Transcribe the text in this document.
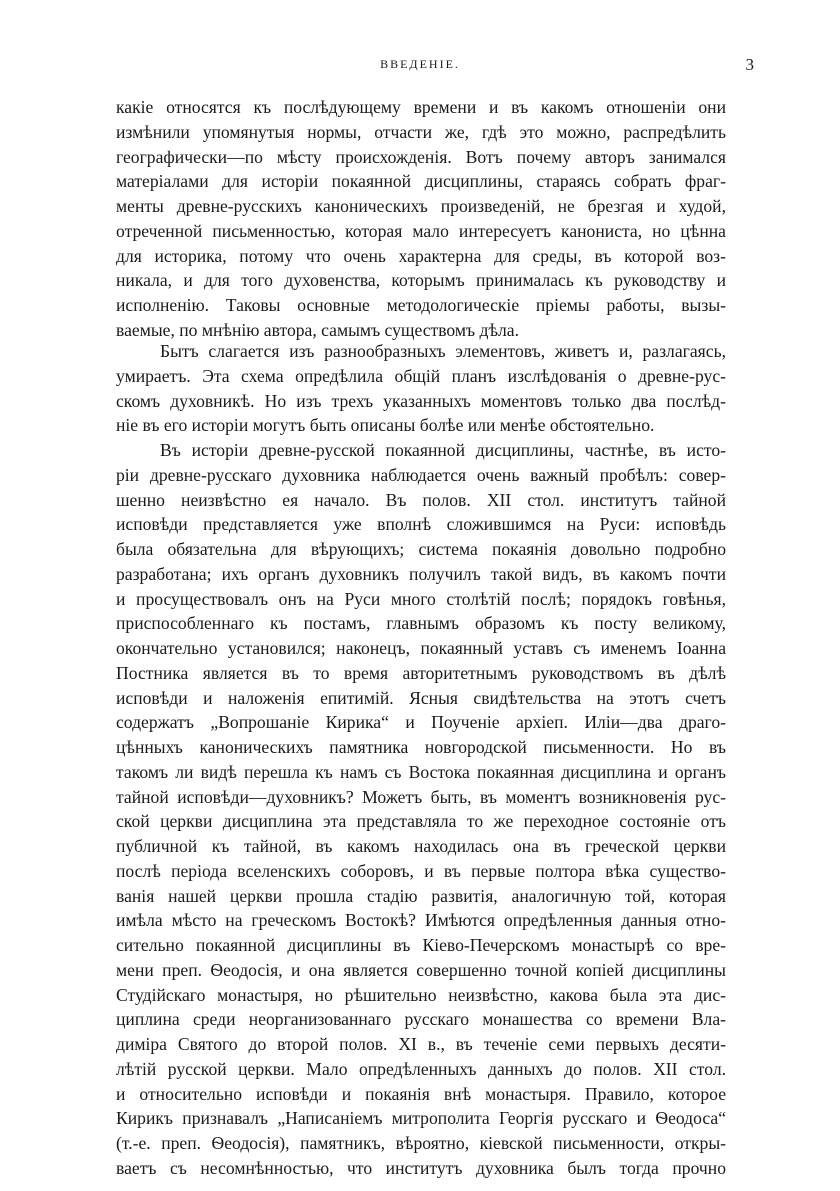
ВВЕДЕНІЕ.	3
какіе относятся къ послѣдующему времени и въ какомъ отношеніи они
измѣнили упомянутыя нормы, отчасти же, гдѣ это можно, распредѣлить
географически—по мѣсту происхожденія. Вотъ почему авторъ занимался
матеріалами для исторіи покаянной дисциплины, стараясь собрать фраг-
менты древне-русскихъ каноническихъ произведеній, не брезгая и худой,
отреченной письменностью, которая мало интересуетъ канониста, но цѣнна
для историка, потому что очень характерна для среды, въ которой воз-
никала, и для того духовенства, которымъ принималась къ руководству и
исполненію. Таковы основные методологическіе пріемы работы, вызы-
ваемые, по мнѣнію автора, самымъ существомъ дѣла.
Бытъ слагается изъ разнообразныхъ элементовъ, живетъ и, разлагаясь,
умираетъ. Эта схема опредѣлила общій планъ изслѣдованія о древне-рус-
скомъ духовникѣ. Но изъ трехъ указанныхъ моментовъ только два послѣд-
ніе въ его исторіи могутъ быть описаны болѣе или менѣе обстоятельно.
Въ исторіи древне-русской покаянной дисциплины, частнѣе, въ исто-
ріи древне-русскаго духовника наблюдается очень важный пробѣлъ: совер-
шенно неизвѣстно ея начало. Въ полов. XII стол. институтъ тайной
исповѣди представляется уже вполнѣ сложившимся на Руси: исповѣдь
была обязательна для вѣрующихъ; система покаянія довольно подробно
разработана; ихъ органъ духовникъ получилъ такой видъ, въ какомъ почти
и просуществовалъ онъ на Руси много столѣтій послѣ; порядокъ говѣнья,
приспособленнаго къ постамъ, главнымъ образомъ къ посту великому,
окончательно установился; наконецъ, покаянный уставъ съ именемъ Іоанна
Постника является въ то время авторитетнымъ руководствомъ въ дѣлѣ
исповѣди и наложенія епитимій. Ясныя свидѣтельства на этотъ счетъ
содержатъ „Вопрошаніе Кирика“ и Поученіе архіеп. Иліи—два драго-
цѣнныхъ каноническихъ памятника новгородской письменности. Но въ
такомъ ли видѣ перешла къ намъ съ Востока покаянная дисциплина и органъ
тайной исповѣди—духовникъ? Можетъ быть, въ моментъ возникновенія рус-
ской церкви дисциплина эта представляла то же переходное состояніе отъ
публичной къ тайной, въ какомъ находилась она въ греческой церкви
послѣ періода вселенскихъ соборовъ, и въ первые полтора вѣка существо-
ванія нашей церкви прошла стадію развитія, аналогичную той, которая
имѣла мѣсто на греческомъ Востокѣ? Имѣются опредѣленныя данныя отно-
сительно покаянной дисциплины въ Кіево-Печерскомъ монастырѣ со вре-
мени преп. Ѳеодосія, и она является совершенно точной копіей дисциплины
Студійскаго монастыря, но рѣшительно неизвѣстно, какова была эта дис-
циплина среди неорганизованнаго русскаго монашества со времени Вла-
диміра Святого до второй полов. XI в., въ теченіе семи первыхъ десяти-
лѣтій русской церкви. Мало опредѣленныхъ данныхъ до полов. XII стол.
и относительно исповѣди и покаянія внѣ монастыря. Правило, которое
Кирикъ признавалъ „Написаніемъ митрополита Георгія русскаго и Ѳеодоса“
(т.-е. преп. Ѳеодосія), памятникъ, вѣроятно, кіевской письменности, откры-
ваетъ съ несомнѣнностью, что институтъ духовника былъ тогда прочно
